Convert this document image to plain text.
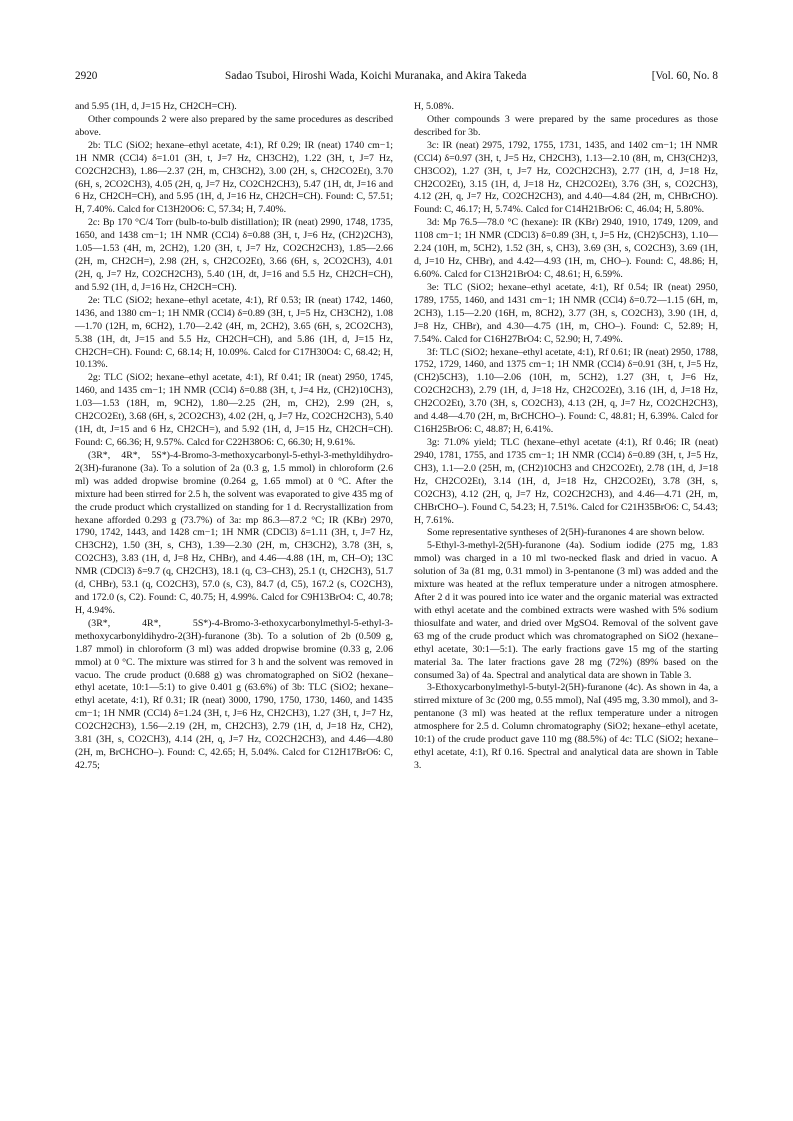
2920	Sadao Tsuboi, Hiroshi Wada, Koichi Muranaka, and Akira Takeda	[Vol. 60, No. 8

and 5.95 (1H, d, J=15 Hz, CH2CH=CH).

Other compounds 2 were also prepared by the same procedures as described above.

2b: TLC (SiO2; hexane–ethyl acetate, 4:1), Rf 0.29; IR (neat) 1740 cm−1; 1H NMR (CCl4) δ=1.01 (3H, t, J=7 Hz, CH3CH2), 1.22 (3H, t, J=7 Hz, CO2CH2CH3), 1.86—2.37 (2H, m, CH3CH2), 3.00 (2H, s, CH2CO2Et), 3.70 (6H, s, 2CO2CH3), 4.05 (2H, q, J=7 Hz, CO2CH2CH3), 5.47 (1H, dt, J=16 and 6 Hz, CH2CH=CH), and 5.95 (1H, d, J=16 Hz, CH2CH=CH). Found: C, 57.51; H, 7.40%. Calcd for C13H20O6: C, 57.34; H, 7.40%.

2c: Bp 170 °C/4 Torr (bulb-to-bulb distillation); IR (neat) 2990, 1748, 1735, 1650, and 1438 cm−1; 1H NMR (CCl4) δ=0.88 (3H, t, J=6 Hz, (CH2)2CH3), 1.05—1.53 (4H, m, 2CH2), 1.20 (3H, t, J=7 Hz, CO2CH2CH3), 1.85—2.66 (2H, m, CH2CH=), 2.98 (2H, s, CH2CO2Et), 3.66 (6H, s, 2CO2CH3), 4.01 (2H, q, J=7 Hz, CO2CH2CH3), 5.40 (1H, dt, J=16 and 5.5 Hz, CH2CH=CH), and 5.92 (1H, d, J=16 Hz, CH2CH=CH).

2e: TLC (SiO2; hexane–ethyl acetate, 4:1), Rf 0.53; IR (neat) 1742, 1460, 1436, and 1380 cm−1; 1H NMR (CCl4) δ=0.89 (3H, t, J=5 Hz, CH3CH2), 1.08—1.70 (12H, m, 6CH2), 1.70—2.42 (4H, m, 2CH2), 3.65 (6H, s, 2CO2CH3), 5.38 (1H, dt, J=15 and 5.5 Hz, CH2CH=CH), and 5.86 (1H, d, J=15 Hz, CH2CH=CH). Found: C, 68.14; H, 10.09%. Calcd for C17H30O4: C, 68.42; H, 10.13%.

2g: TLC (SiO2; hexane–ethyl acetate, 4:1), Rf 0.41; IR (neat) 2950, 1745, 1460, and 1435 cm−1; 1H NMR (CCl4) δ=0.88 (3H, t, J=4 Hz, (CH2)10CH3), 1.03—1.53 (18H, m, 9CH2), 1.80—2.25 (2H, m, CH2), 2.99 (2H, s, CH2CO2Et), 3.68 (6H, s, 2CO2CH3), 4.02 (2H, q, J=7 Hz, CO2CH2CH3), 5.40 (1H, dt, J=15 and 6 Hz, CH2CH=), and 5.92 (1H, d, J=15 Hz, CH2CH=CH). Found: C, 66.36; H, 9.57%. Calcd for C22H38O6: C, 66.30; H, 9.61%.

(3R*, 4R*, 5S*)-4-Bromo-3-methoxycarbonyl-5-ethyl-3-methyldihydro-2(3H)-furanone (3a). To a solution of 2a (0.3 g, 1.5 mmol) in chloroform (2.6 ml) was added dropwise bromine (0.264 g, 1.65 mmol) at 0 °C. After the mixture had been stirred for 2.5 h, the solvent was evaporated to give 435 mg of the crude product which crystallized on standing for 1 d. Recrystallization from hexane afforded 0.293 g (73.7%) of 3a: mp 86.3—87.2 °C; IR (KBr) 2970, 1790, 1742, 1443, and 1428 cm−1; 1H NMR (CDCl3) δ=1.11 (3H, t, J=7 Hz, CH3CH2), 1.50 (3H, s, CH3), 1.39—2.30 (2H, m, CH3CH2), 3.78 (3H, s, CO2CH3), 3.83 (1H, d, J=8 Hz, CHBr), and 4.46—4.88 (1H, m, CH–O); 13C NMR (CDCl3) δ=9.7 (q, CH2CH3), 18.1 (q, C3–CH3), 25.1 (t, CH2CH3), 51.7 (d, CHBr), 53.1 (q, CO2CH3), 57.0 (s, C3), 84.7 (d, C5), 167.2 (s, CO2CH3), and 172.0 (s, C2). Found: C, 40.75; H, 4.99%. Calcd for C9H13BrO4: C, 40.78; H, 4.94%.

(3R*, 4R*, 5S*)-4-Bromo-3-ethoxycarbonylmethyl-5-ethyl-3-methoxycarbonyldihydro-2(3H)-furanone (3b). To a solution of 2b (0.509 g, 1.87 mmol) in chloroform (3 ml) was added dropwise bromine (0.33 g, 2.06 mmol) at 0 °C. The mixture was stirred for 3 h and the solvent was removed in vacuo. The crude product (0.688 g) was chromatographed on SiO2 (hexane–ethyl acetate, 10:1—5:1) to give 0.401 g (63.6%) of 3b: TLC (SiO2; hexane–ethyl acetate, 4:1), Rf 0.31; IR (neat) 3000, 1790, 1750, 1730, 1460, and 1435 cm−1; 1H NMR (CCl4) δ=1.24 (3H, t, J=6 Hz, CH2CH3), 1.27 (3H, t, J=7 Hz, CO2CH2CH3), 1.56—2.19 (2H, m, CH2CH3), 2.79 (1H, d, J=18 Hz, CH2), 3.81 (3H, s, CO2CH3), 4.14 (2H, q, J=7 Hz, CO2CH2CH3), and 4.46—4.80 (2H, m, BrCHCHO–). Found: C, 42.65; H, 5.04%. Calcd for C12H17BrO6: C, 42.75;

H, 5.08%.

Other compounds 3 were prepared by the same procedures as those described for 3b.

3c: IR (neat) 2975, 1792, 1755, 1731, 1435, and 1402 cm−1; 1H NMR (CCl4) δ=0.97 (3H, t, J=5 Hz, CH2CH3), 1.13—2.10 (8H, m, CH3(CH2)3, CH3CO2), 1.27 (3H, t, J=7 Hz, CO2CH2CH3), 2.77 (1H, d, J=18 Hz, CH2CO2Et), 3.15 (1H, d, J=18 Hz, CH2CO2Et), 3.76 (3H, s, CO2CH3), 4.12 (2H, q, J=7 Hz, CO2CH2CH3), and 4.40—4.84 (2H, m, CHBrCHO). Found: C, 46.17; H, 5.74%. Calcd for C14H21BrO6: C, 46.04; H, 5.80%.

3d: Mp 76.5—78.0 °C (hexane): IR (KBr) 2940, 1910, 1749, 1209, and 1108 cm−1; 1H NMR (CDCl3) δ=0.89 (3H, t, J=5 Hz, (CH2)5CH3), 1.10—2.24 (10H, m, 5CH2), 1.52 (3H, s, CH3), 3.69 (3H, s, CO2CH3), 3.69 (1H, d, J=10 Hz, CHBr), and 4.42—4.93 (1H, m, CHO–). Found: C, 48.86; H, 6.60%. Calcd for C13H21BrO4: C, 48.61; H, 6.59%.

3e: TLC (SiO2; hexane–ethyl acetate, 4:1), Rf 0.54; IR (neat) 2950, 1789, 1755, 1460, and 1431 cm−1; 1H NMR (CCl4) δ=0.72—1.15 (6H, m, 2CH3), 1.15—2.20 (16H, m, 8CH2), 3.77 (3H, s, CO2CH3), 3.90 (1H, d, J=8 Hz, CHBr), and 4.30—4.75 (1H, m, CHO–). Found: C, 52.89; H, 7.54%. Calcd for C16H27BrO4: C, 52.90; H, 7.49%.

3f: TLC (SiO2; hexane–ethyl acetate, 4:1), Rf 0.61; IR (neat) 2950, 1788, 1752, 1729, 1460, and 1375 cm−1; 1H NMR (CCl4) δ=0.91 (3H, t, J=5 Hz, (CH2)5CH3), 1.10—2.06 (10H, m, 5CH2), 1.27 (3H, t, J=6 Hz, CO2CH2CH3), 2.79 (1H, d, J=18 Hz, CH2CO2Et), 3.16 (1H, d, J=18 Hz, CH2CO2Et), 3.70 (3H, s, CO2CH3), 4.13 (2H, q, J=7 Hz, CO2CH2CH3), and 4.48—4.70 (2H, m, BrCHCHO–). Found: C, 48.81; H, 6.39%. Calcd for C16H25BrO6: C, 48.87; H, 6.41%.

3g: 71.0% yield; TLC (hexane–ethyl acetate (4:1), Rf 0.46; IR (neat) 2940, 1781, 1755, and 1735 cm−1; 1H NMR (CCl4) δ=0.89 (3H, t, J=5 Hz, CH3), 1.1—2.0 (25H, m, (CH2)10CH3 and CH2CO2Et), 2.78 (1H, d, J=18 Hz, CH2CO2Et), 3.14 (1H, d, J=18 Hz, CH2CO2Et), 3.78 (3H, s, CO2CH3), 4.12 (2H, q, J=7 Hz, CO2CH2CH3), and 4.46—4.71 (2H, m, CHBrCHO–). Found C, 54.23; H, 7.51%. Calcd for C21H35BrO6: C, 54.43; H, 7.61%.

Some representative syntheses of 2(5H)-furanones 4 are shown below.

5-Ethyl-3-methyl-2(5H)-furanone (4a). Sodium iodide (275 mg, 1.83 mmol) was charged in a 10 ml two-necked flask and dried in vacuo. A solution of 3a (81 mg, 0.31 mmol) in 3-pentanone (3 ml) was added and the mixture was heated at the reflux temperature under a nitrogen atmosphere. After 2 d it was poured into ice water and the organic material was extracted with ethyl acetate and the combined extracts were washed with 5% sodium thiosulfate and water, and dried over MgSO4. Removal of the solvent gave 63 mg of the crude product which was chromatographed on SiO2 (hexane–ethyl acetate, 30:1—5:1). The early fractions gave 15 mg of the starting material 3a. The later fractions gave 28 mg (72%) (89% based on the consumed 3a) of 4a. Spectral and analytical data are shown in Table 3.

3-Ethoxycarbonylmethyl-5-butyl-2(5H)-furanone (4c). As shown in 4a, a stirred mixture of 3c (200 mg, 0.55 mmol), NaI (495 mg, 3.30 mmol), and 3-pentanone (3 ml) was heated at the reflux temperature under a nitrogen atmosphere for 2.5 d. Column chromatography (SiO2; hexane–ethyl acetate, 10:1) of the crude product gave 110 mg (88.5%) of 4c: TLC (SiO2; hexane–ethyl acetate, 4:1), Rf 0.16. Spectral and analytical data are shown in Table 3.
